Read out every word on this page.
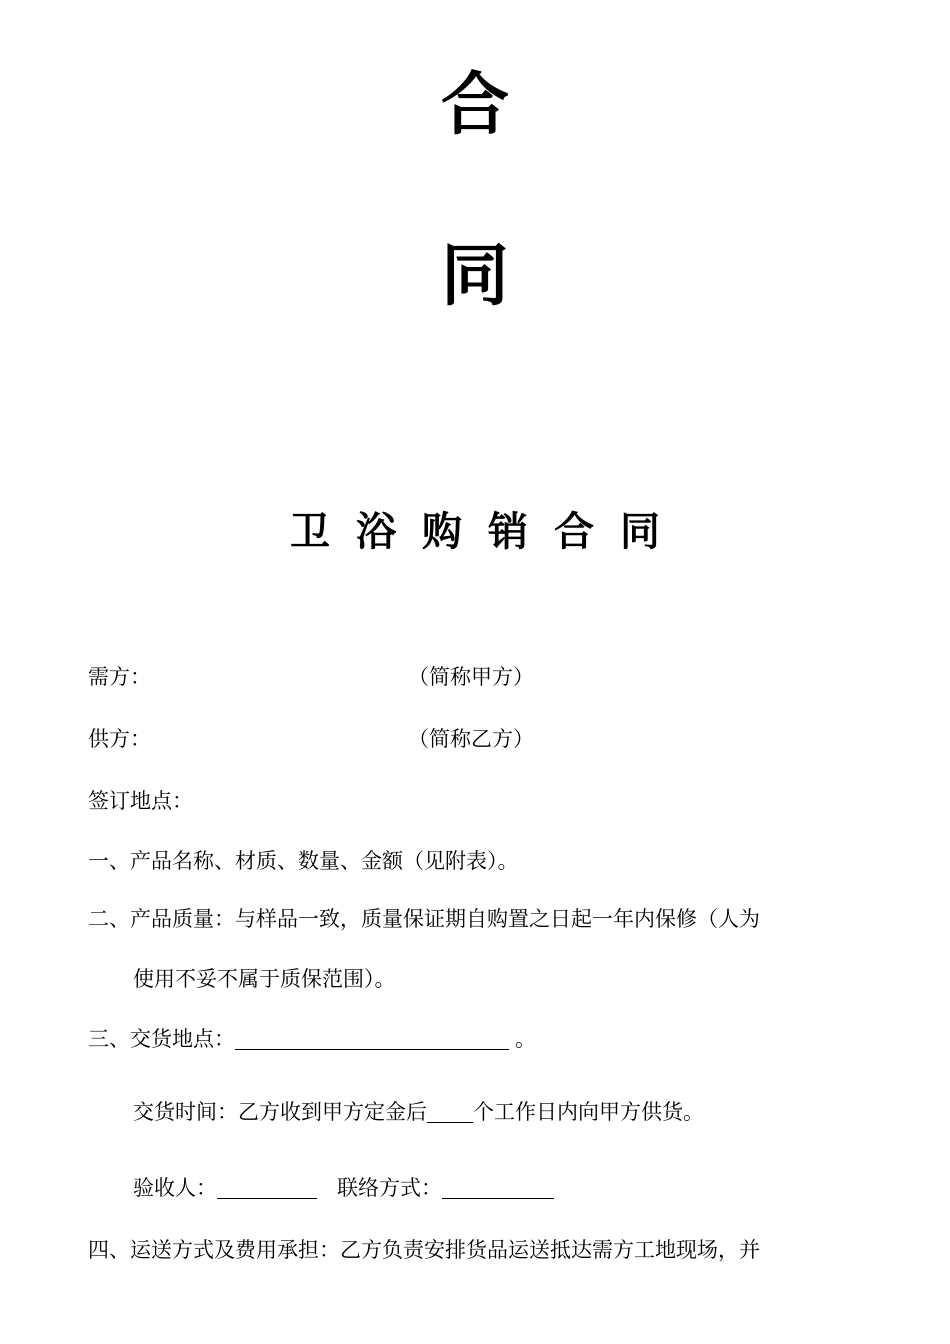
合
同
卫浴购销合同
需方：	（简称甲方）
供方：	（简称乙方）
签订地点：
一、产品名称、材质、数量、金额（见附表）。
二、产品质量：与样品一致，质量保证期自购置之日起一年内保修（人为
使用不妥不属于质保范围）。
三、交货地点：	。
交货时间：乙方收到甲方定金后 个工作日内向甲方供货。
验收人：	联络方式：
四、运送方式及费用承担：乙方负责安排货品运送抵达需方工地现场，并
